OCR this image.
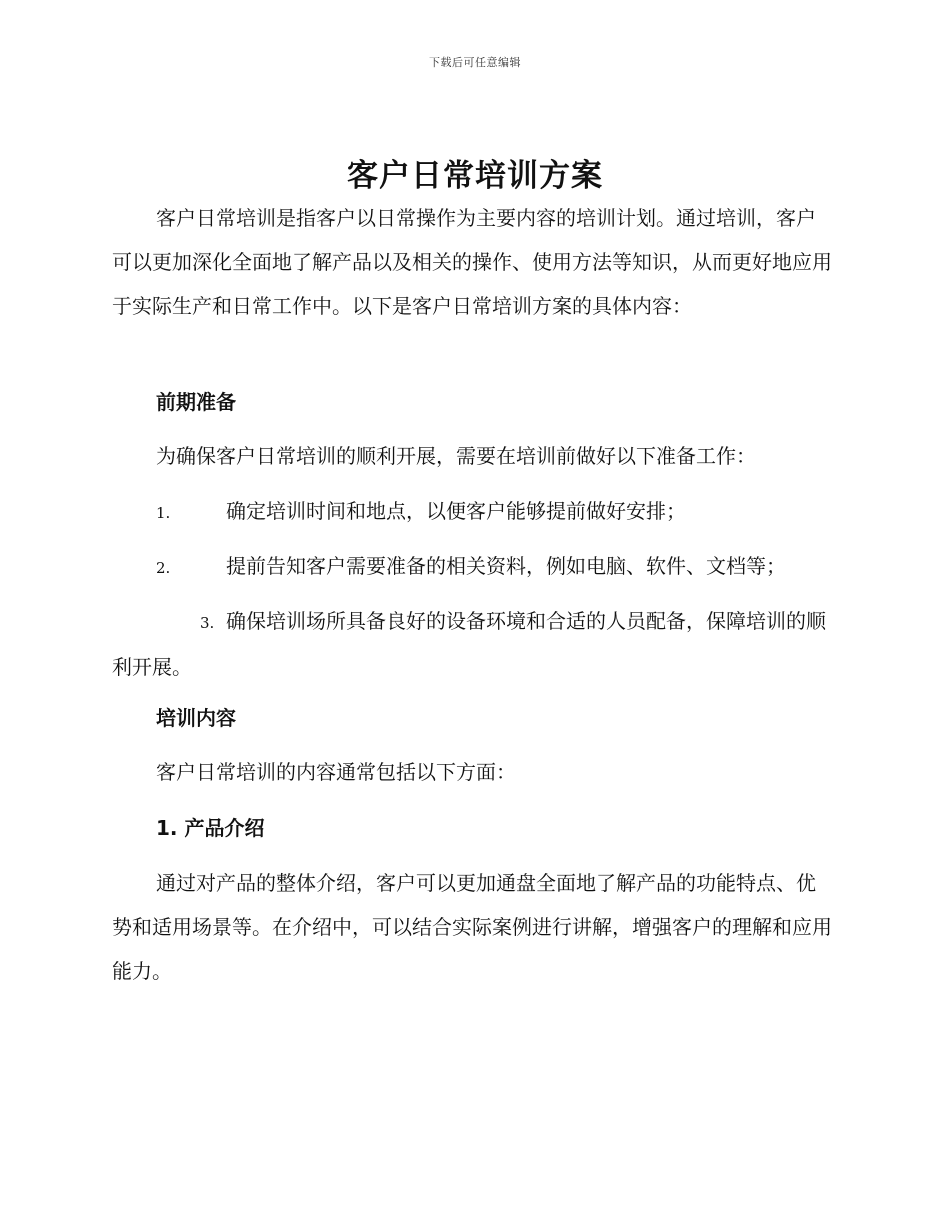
下载后可任意编辑
客户日常培训方案

客户日常培训是指客户以日常操作为主要内容的培训计划。通过培训，客户可以更加深化全面地了解产品以及相关的操作、使用方法等知识，从而更好地应用于实际生产和日常工作中。以下是客户日常培训方案的具体内容：

前期准备

为确保客户日常培训的顺利开展，需要在培训前做好以下准备工作：

1.	确定培训时间和地点，以便客户能够提前做好安排；

2.	提前告知客户需要准备的相关资料，例如电脑、软件、文档等；

3. 确保培训场所具备良好的设备环境和合适的人员配备，保障培训的顺利开展。

培训内容

客户日常培训的内容通常包括以下方面：

1. 产品介绍

通过对产品的整体介绍，客户可以更加通盘全面地了解产品的功能特点、优势和适用场景等。在介绍中，可以结合实际案例进行讲解，增强客户的理解和应用能力。
